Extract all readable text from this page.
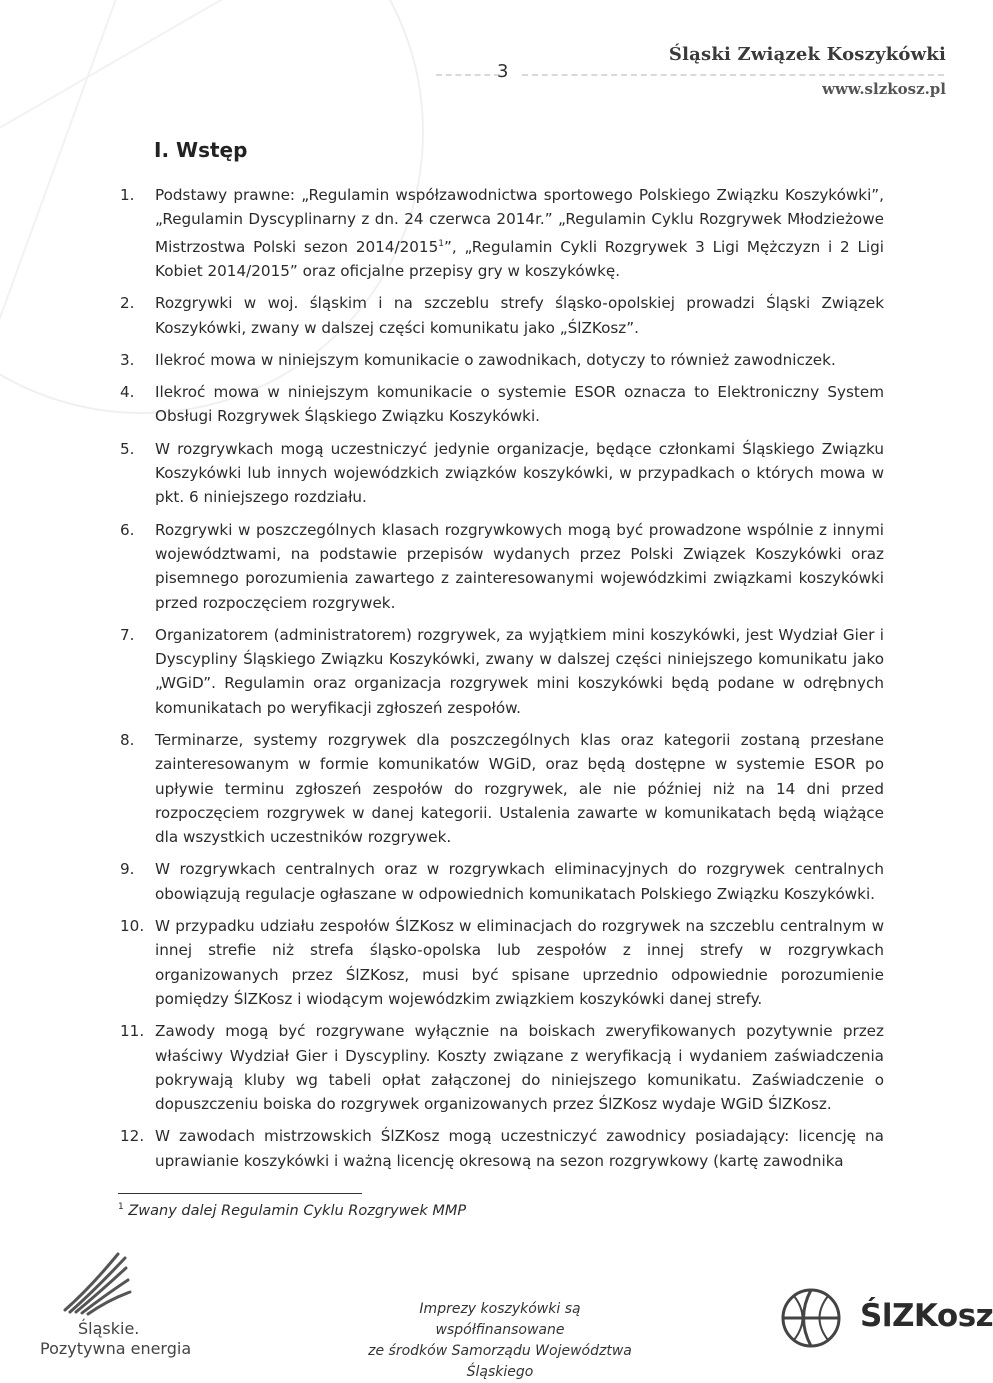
3
Śląski Związek Koszykówki
www.slzkosz.pl
I. Wstęp
1. Podstawy prawne: „Regulamin współzawodnictwa sportowego Polskiego Związku Koszykówki”, „Regulamin Dyscyplinarny z dn. 24 czerwca 2014r.” „Regulamin Cyklu Rozgrywek Młodzieżowe Mistrzostwa Polski sezon 2014/2015$^1$”, „Regulamin Cykli Rozgrywek 3 Ligi Mężczyzn i 2 Ligi Kobiet 2014/2015” oraz oficjalne przepisy gry w koszykówkę.
2. Rozgrywki w woj. śląskim i na szczeblu strefy śląsko-opolskiej prowadzi Śląski Związek Koszykówki, zwany w dalszej części komunikatu jako „ŚlZKosz”.
3. Ilekroć mowa w niniejszym komunikacie o zawodnikach, dotyczy to również zawodniczek.
4. Ilekroć mowa w niniejszym komunikacie o systemie ESOR oznacza to Elektroniczny System Obsługi Rozgrywek Śląskiego Związku Koszykówki.
5. W rozgrywkach mogą uczestniczyć jedynie organizacje, będące członkami Śląskiego Związku Koszykówki lub innych wojewódzkich związków koszykówki, w przypadkach o których mowa w pkt. 6 niniejszego rozdziału.
6. Rozgrywki w poszczególnych klasach rozgrywkowych mogą być prowadzone wspólnie z innymi województwami, na podstawie przepisów wydanych przez Polski Związek Koszykówki oraz pisemnego porozumienia zawartego z zainteresowanymi wojewódzkimi związkami koszykówki przed rozpoczęciem rozgrywek.
7. Organizatorem (administratorem) rozgrywek, za wyjątkiem mini koszykówki, jest Wydział Gier i Dyscypliny Śląskiego Związku Koszykówki, zwany w dalszej części niniejszego komunikatu jako „WGiD”. Regulamin oraz organizacja rozgrywek mini koszykówki będą podane w odrębnych komunikatach po weryfikacji zgłoszeń zespołów.
8. Terminarze, systemy rozgrywek dla poszczególnych klas oraz kategorii zostaną przesłane zainteresowanym w formie komunikatów WGiD, oraz będą dostępne w systemie ESOR po upływie terminu zgłoszeń zespołów do rozgrywek, ale nie później niż na 14 dni przed rozpoczęciem rozgrywek w danej kategorii. Ustalenia zawarte w komunikatach będą wiążące dla wszystkich uczestników rozgrywek.
9. W rozgrywkach centralnych oraz w rozgrywkach eliminacyjnych do rozgrywek centralnych obowiązują regulacje ogłaszane w odpowiednich komunikatach Polskiego Związku Koszykówki.
10. W przypadku udziału zespołów ŚlZKosz w eliminacjach do rozgrywek na szczeblu centralnym w innej strefie niż strefa śląsko-opolska lub zespołów z innej strefy w rozgrywkach organizowanych przez ŚlZKosz, musi być spisane uprzednio odpowiednie porozumienie pomiędzy ŚlZKosz i wiodącym wojewódzkim związkiem koszykówki danej strefy.
11. Zawody mogą być rozgrywane wyłącznie na boiskach zweryfikowanych pozytywnie przez właściwy Wydział Gier i Dyscypliny. Koszty związane z weryfikacją i wydaniem zaświadczenia pokrywają kluby wg tabeli opłat załączonej do niniejszego komunikatu. Zaświadczenie o dopuszczeniu boiska do rozgrywek organizowanych przez ŚlZKosz wydaje WGiD ŚlZKosz.
12. W zawodach mistrzowskich ŚlZKosz mogą uczestniczyć zawodnicy posiadający: licencję na uprawianie koszykówki i ważną licencję okresową na sezon rozgrywkowy (kartę zawodnika
$^1$ Zwany dalej Regulamin Cyklu Rozgrywek MMP
Śląskie.
Pozytywna energia
Imprezy koszykówki są współfinansowane
ze środków Samorządu Województwa Śląskiego
ŚlZKosz
